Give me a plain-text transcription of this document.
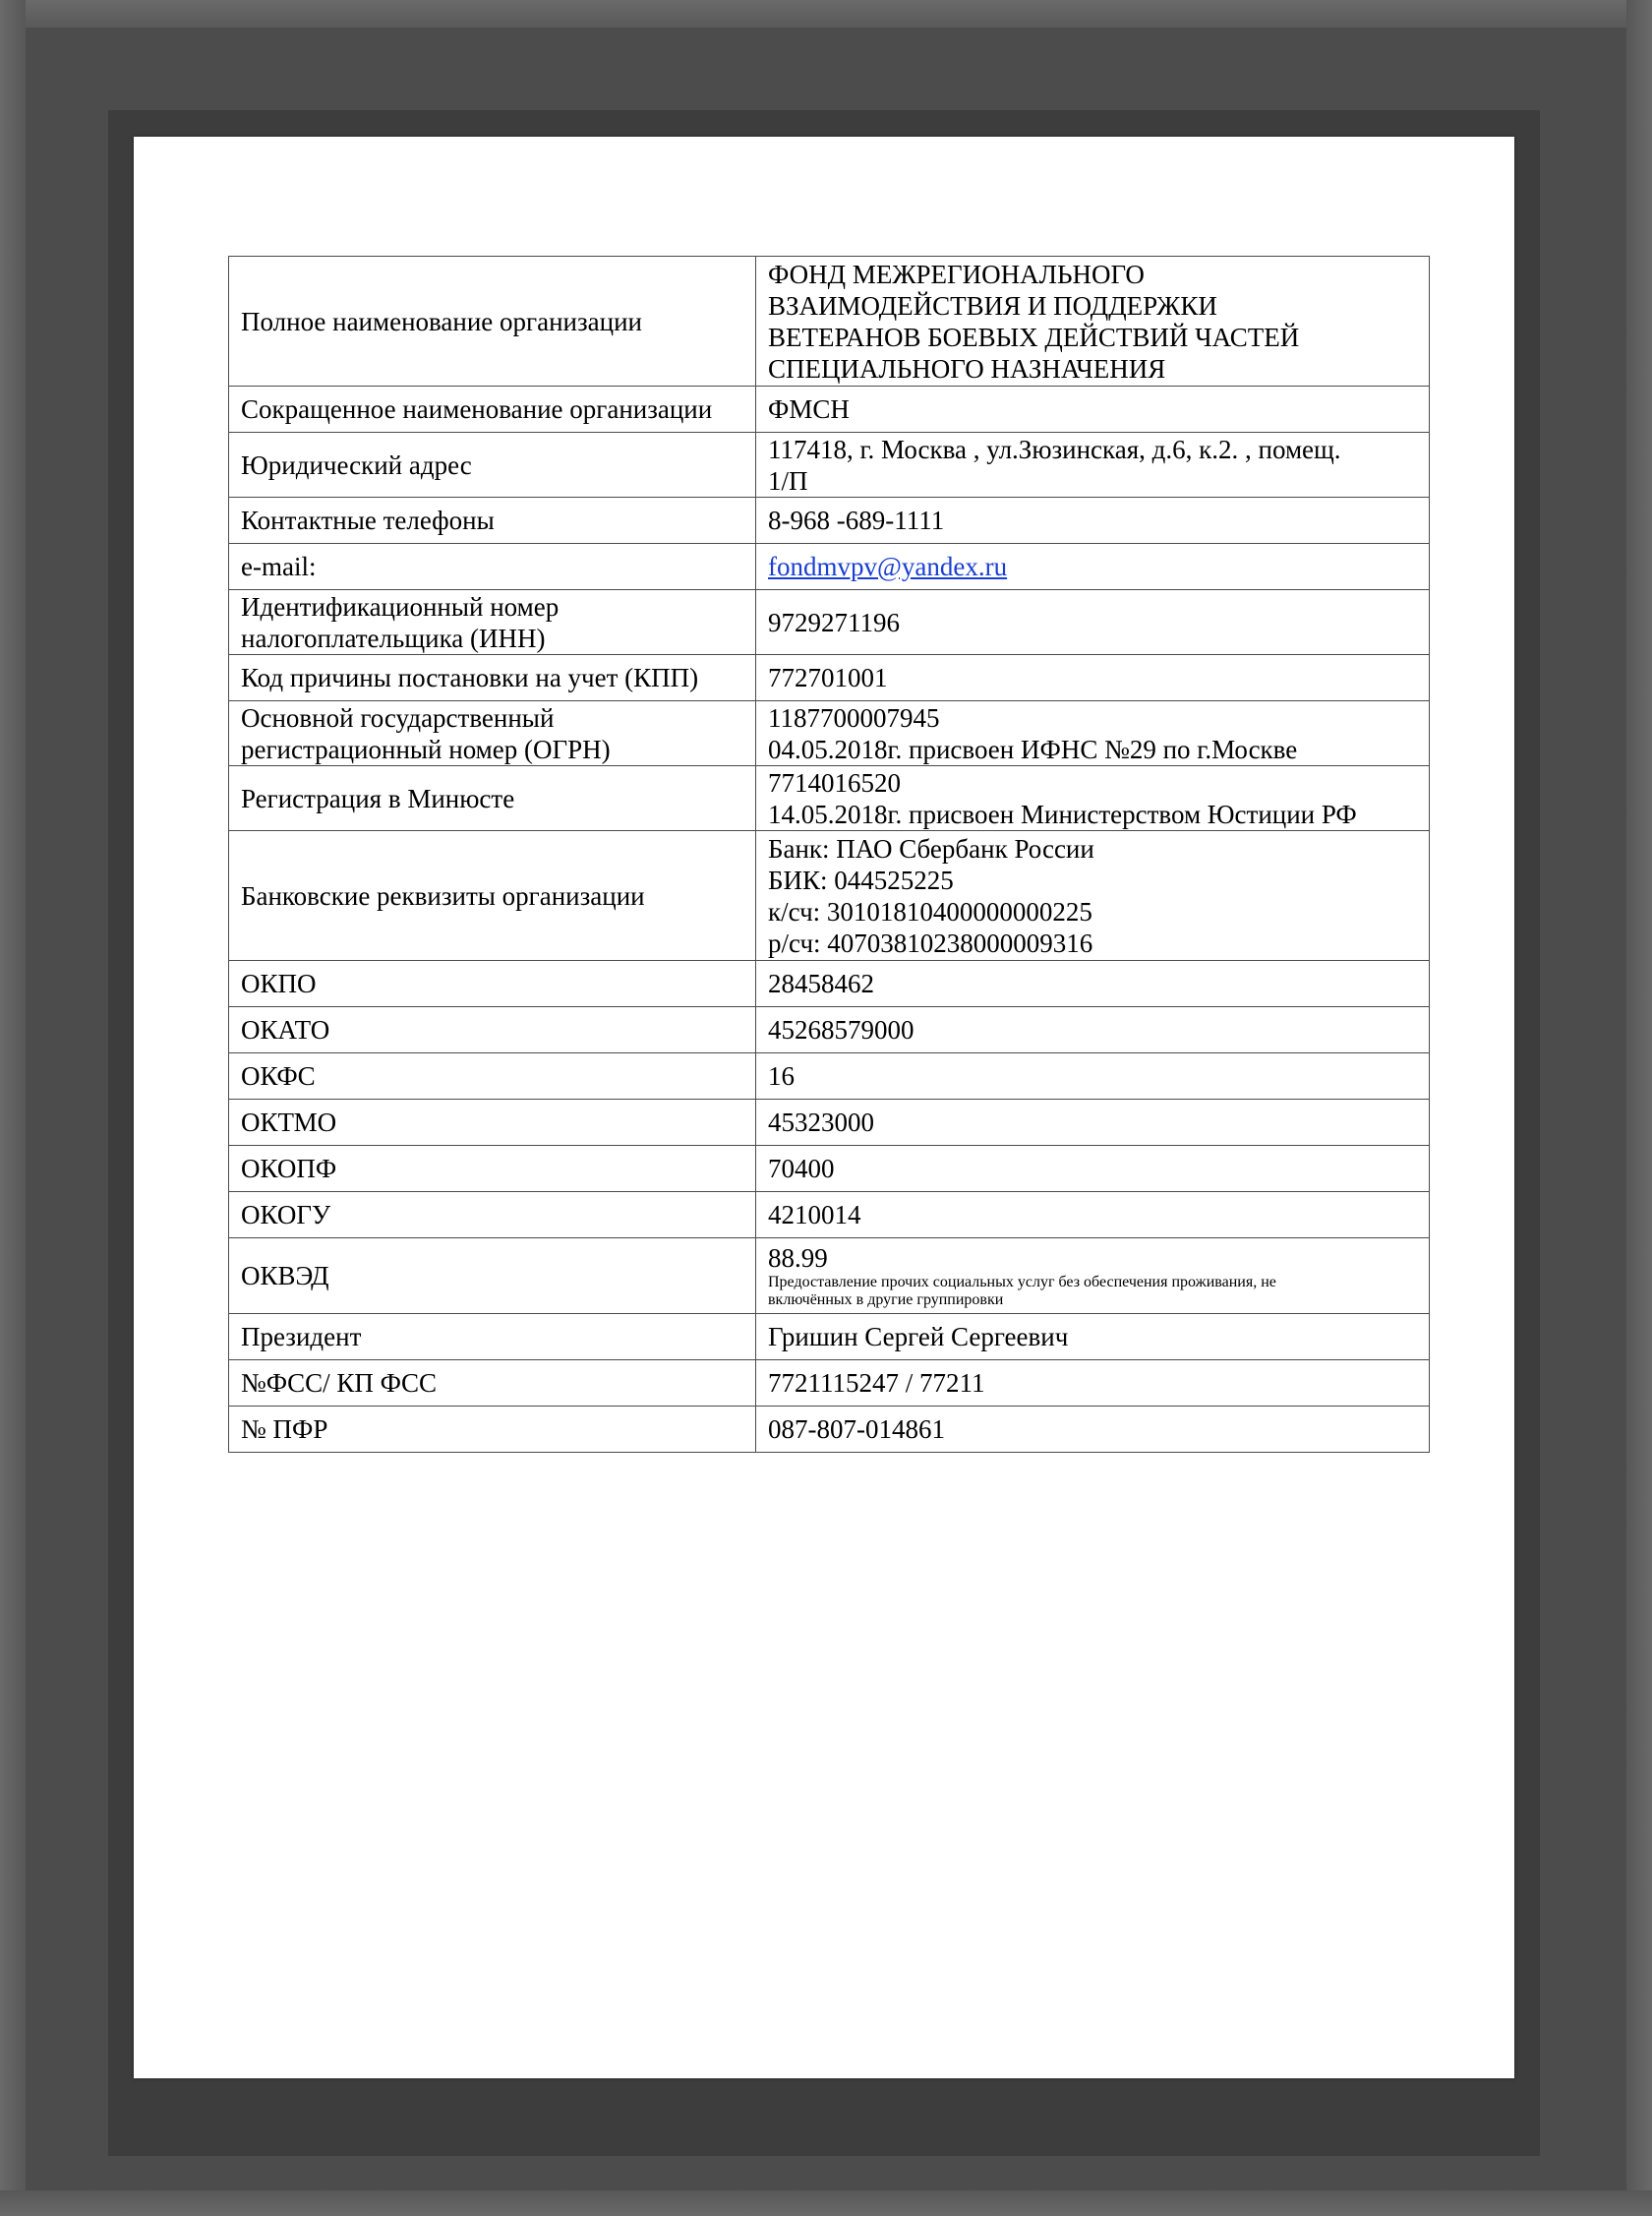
Полное наименование организации	ФОНД МЕЖРЕГИОНАЛЬНОГО
ВЗАИМОДЕЙСТВИЯ И ПОДДЕРЖКИ
ВЕТЕРАНОВ БОЕВЫХ ДЕЙСТВИЙ ЧАСТЕЙ
СПЕЦИАЛЬНОГО НАЗНАЧЕНИЯ

Сокращенное наименование организации	ФМСН
Юридический адрес	117418, г. Москва , ул.Зюзинская, д.6, к.2. , помещ.
1/П

Контактные телефоны	8-968 -689-1111
e-mail:	fondmvpv@yandex.ru

Идентификационный номер
налогоплательщика (ИНН)	9729271196
Код причины постановки на учет (КПП)	772701001

Основной государственный
регистрационный номер (ОГРН)	1187700007945
04.05.2018г. присвоен ИФНС №29 по г.Москве

Регистрация в Минюсте	7714016520
14.05.2018г. присвоен Министерством Юстиции РФ

Банковские реквизиты организации	Банк: ПАО Сбербанк России
БИК: 044525225
к/сч: 30101810400000000225
р/сч: 40703810238000009316

ОКПО	28458462
ОКАТО	45268579000
ОКФС	16
ОКТМО	45323000
ОКОПФ	70400
ОКОГУ	4210014
ОКВЭД	88.99
Предоставление прочих социальных услуг без обеспечения проживания, не
включённых в другие группировки

Президент	Гришин Сергей Сергеевич
№ФСС/ КП ФСС	7721115247 / 77211
№ ПФР	087-807-014861
